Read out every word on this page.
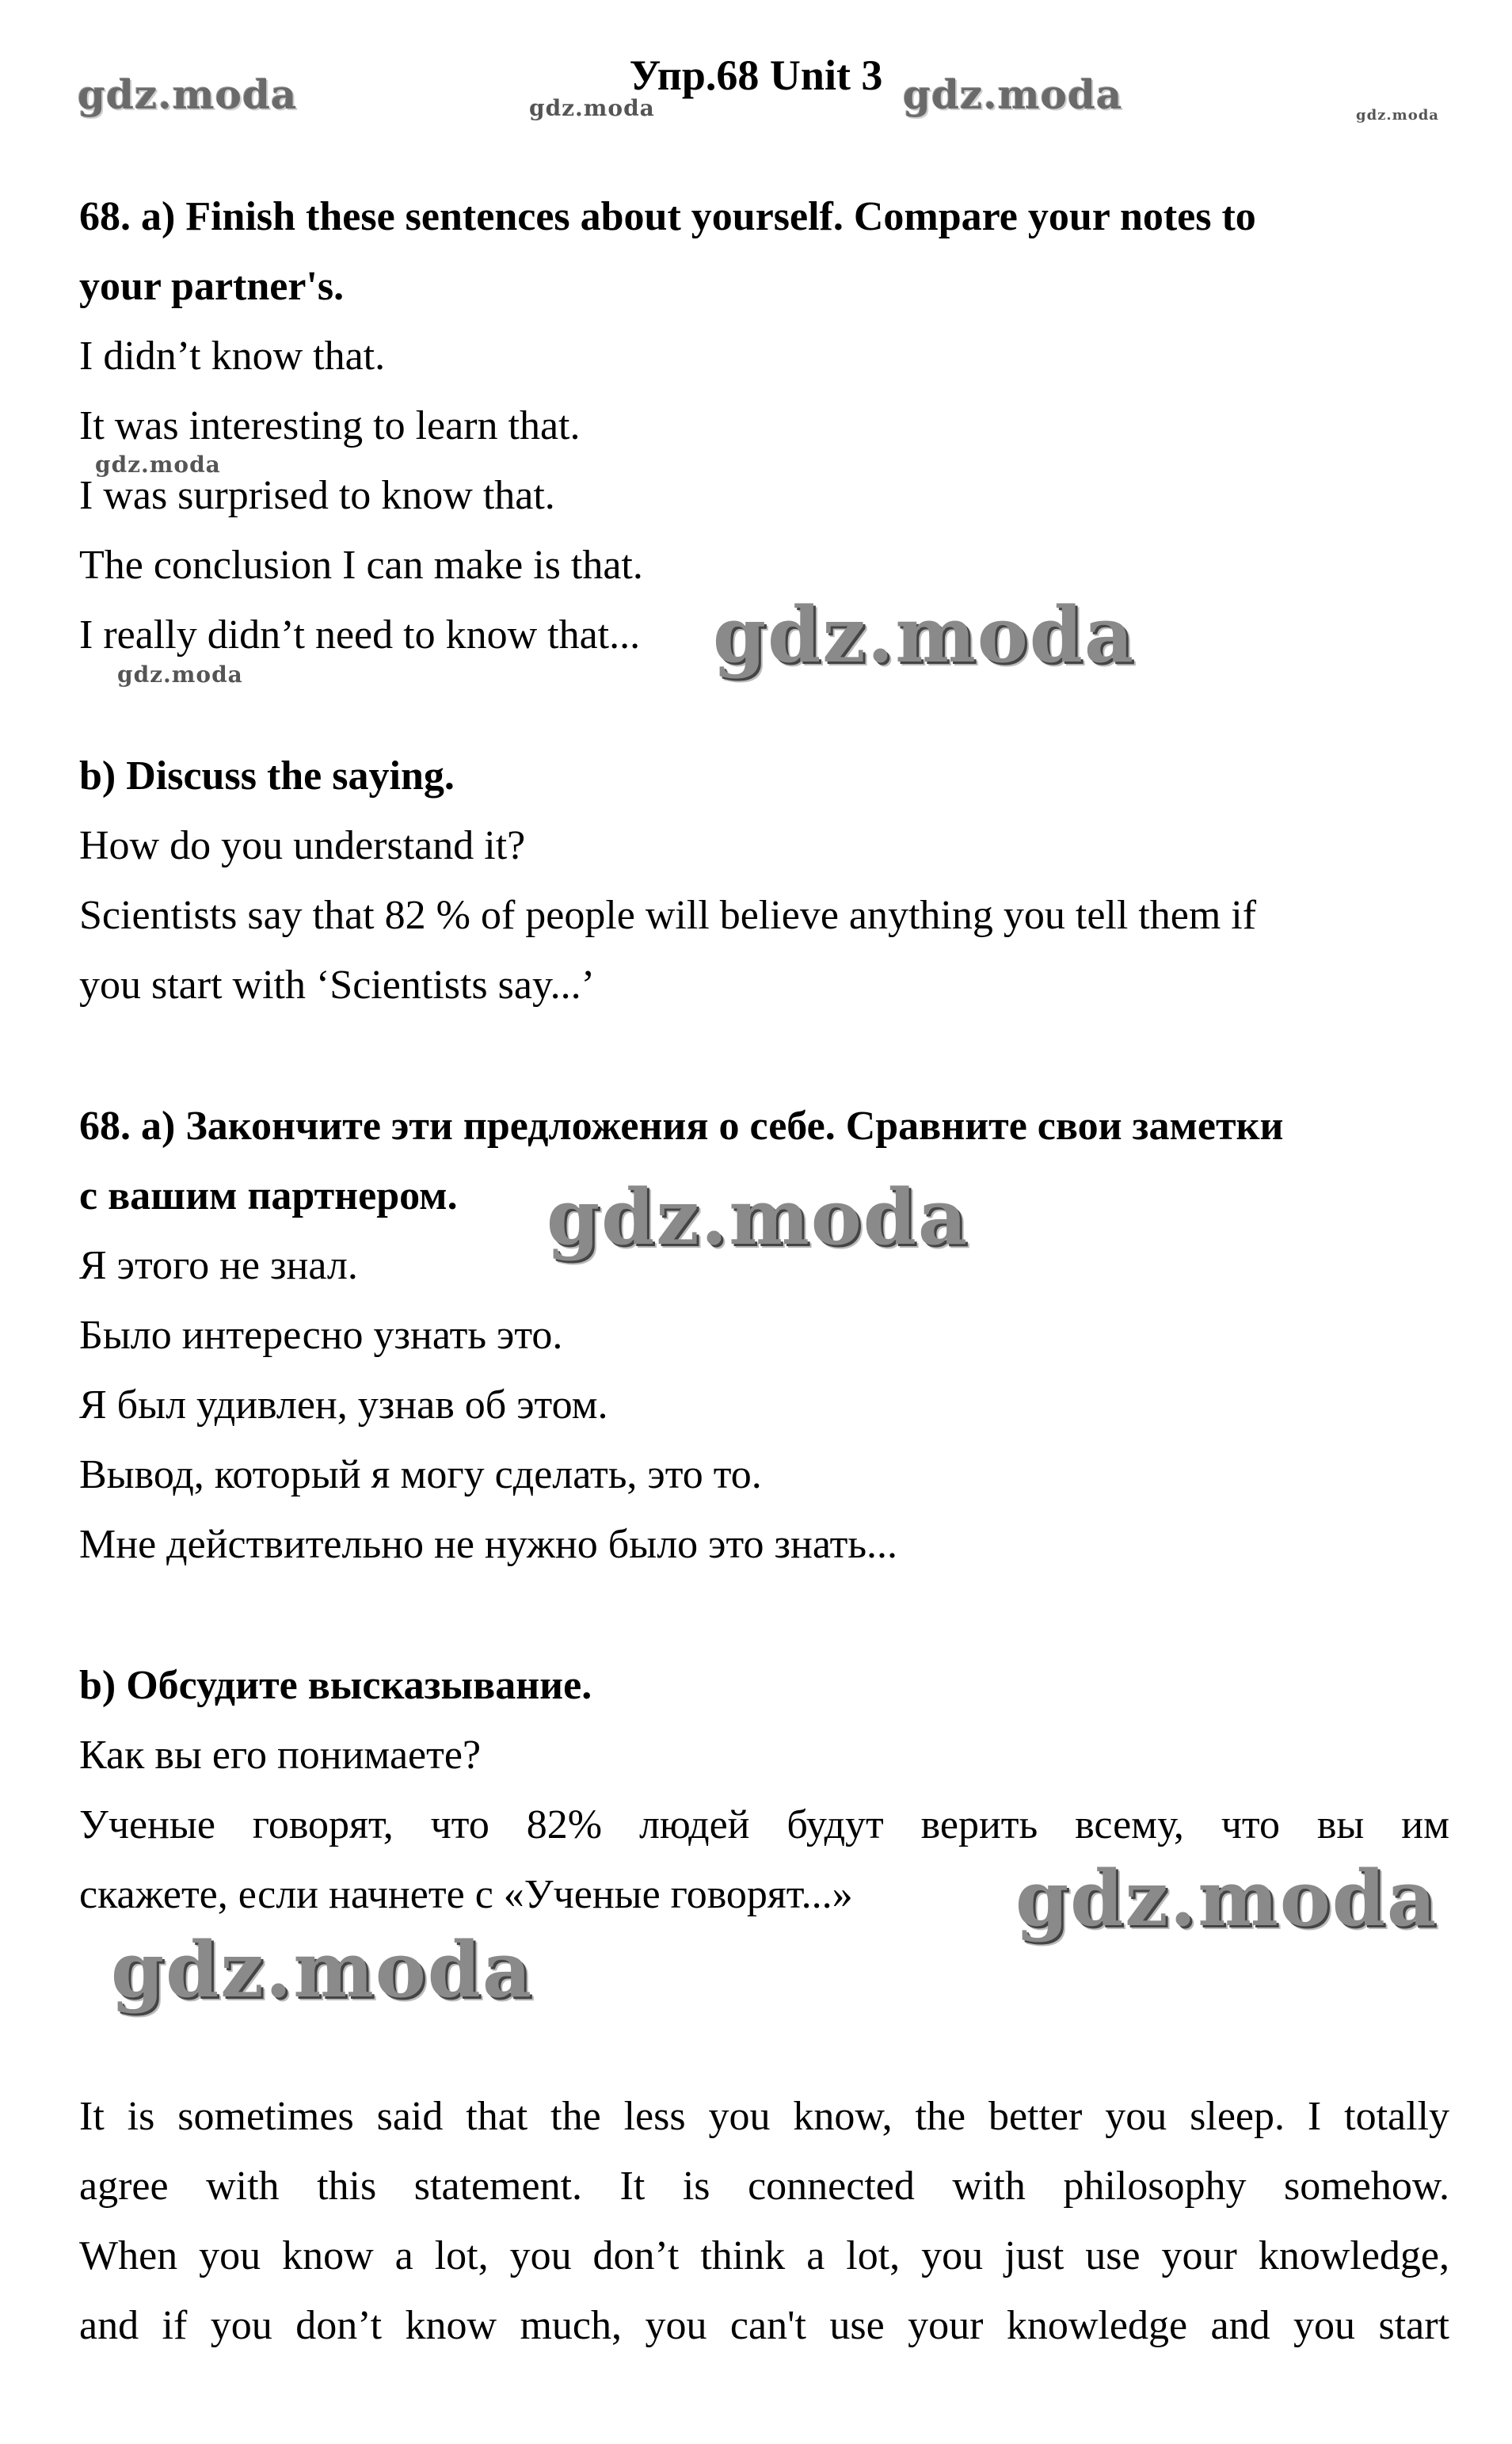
Упр.68 Unit 3
gdz.moda	gdz.moda	gdz.moda	gdz.moda
gdz.moda
gdz.moda	gdz.moda
gdz.moda
gdz.moda
gdz.moda
68. a) Finish these sentences about yourself. Compare your notes to
your partner's.
I didn’t know that.
It was interesting to learn that.
I was surprised to know that.
The conclusion I can make is that.
I really didn’t need to know that...
b) Discuss the saying.
How do you understand it?
Scientists say that 82 % of people will believe anything you tell them if
you start with ‘Scientists say...’
68. a) Закончите эти предложения о себе. Сравните свои заметки
с вашим партнером.
Я этого не знал.
Было интересно узнать это.
Я был удивлен, узнав об этом.
Вывод, который я могу сделать, это то.
Мне действительно не нужно было это знать...
b) Обсудите высказывание.
Как вы его понимаете?
Ученые говорят, что 82% людей будут верить всему, что вы им
скажете, если начнете с «Ученые говорят...»
It is sometimes said that the less you know, the better you sleep. I totally
agree with this statement. It is connected with philosophy somehow.
When you know a lot, you don’t think a lot, you just use your knowledge,
and if you don’t know much, you can't use your knowledge and you start
